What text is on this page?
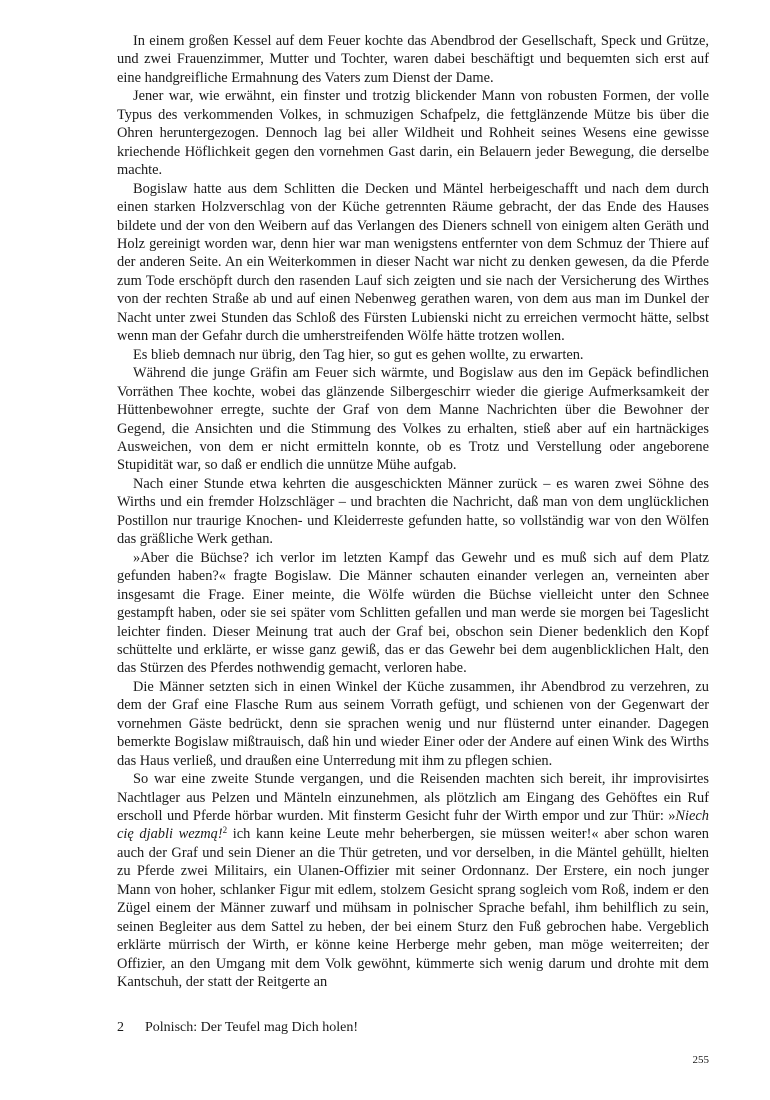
In einem großen Kessel auf dem Feuer kochte das Abendbrod der Gesellschaft, Speck und Grütze, und zwei Frauenzimmer, Mutter und Tochter, waren dabei beschäftigt und bequemten sich erst auf eine handgreifliche Ermahnung des Vaters zum Dienst der Dame.

Jener war, wie erwähnt, ein finster und trotzig blickender Mann von robusten Formen, der volle Typus des verkommenden Volkes, in schmuzigen Schafpelz, die fettglänzende Mütze bis über die Ohren heruntergezogen. Dennoch lag bei aller Wildheit und Rohheit seines Wesens eine gewisse kriechende Höflichkeit gegen den vornehmen Gast darin, ein Belauern jeder Bewegung, die derselbe machte.

Bogislaw hatte aus dem Schlitten die Decken und Mäntel herbeigeschafft und nach dem durch einen starken Holzverschlag von der Küche getrennten Räume gebracht, der das Ende des Hauses bildete und der von den Weibern auf das Verlangen des Dieners schnell von einigem alten Geräth und Holz gereinigt worden war, denn hier war man wenigstens entfernter von dem Schmuz der Thiere auf der anderen Seite. An ein Weiterkommen in dieser Nacht war nicht zu denken gewesen, da die Pferde zum Tode erschöpft durch den rasenden Lauf sich zeigten und sie nach der Versicherung des Wirthes von der rechten Straße ab und auf einen Nebenweg gerathen waren, von dem aus man im Dunkel der Nacht unter zwei Stunden das Schloß des Fürsten Lubienski nicht zu erreichen vermocht hätte, selbst wenn man der Gefahr durch die umherstreifenden Wölfe hätte trotzen wollen.

Es blieb demnach nur übrig, den Tag hier, so gut es gehen wollte, zu erwarten.

Während die junge Gräfin am Feuer sich wärmte, und Bogislaw aus den im Gepäck befindlichen Vorräthen Thee kochte, wobei das glänzende Silbergeschirr wieder die gierige Aufmerksamkeit der Hüttenbewohner erregte, suchte der Graf von dem Manne Nachrichten über die Bewohner der Gegend, die Ansichten und die Stimmung des Volkes zu erhalten, stieß aber auf ein hartnäckiges Ausweichen, von dem er nicht ermitteln konnte, ob es Trotz und Verstellung oder angeborene Stupidität war, so daß er endlich die unnütze Mühe aufgab.

Nach einer Stunde etwa kehrten die ausgeschickten Männer zurück – es waren zwei Söhne des Wirths und ein fremder Holzschläger – und brachten die Nachricht, daß man von dem unglücklichen Postillon nur traurige Knochen- und Kleiderreste gefunden hatte, so vollständig war von den Wölfen das gräßliche Werk gethan.

»Aber die Büchse? ich verlor im letzten Kampf das Gewehr und es muß sich auf dem Platz gefunden haben?« fragte Bogislaw. Die Männer schauten einander verlegen an, verneinten aber insgesamt die Frage. Einer meinte, die Wölfe würden die Büchse vielleicht unter den Schnee gestampft haben, oder sie sei später vom Schlitten gefallen und man werde sie morgen bei Tageslicht leichter finden. Dieser Meinung trat auch der Graf bei, obschon sein Diener bedenklich den Kopf schüttelte und erklärte, er wisse ganz gewiß, das er das Gewehr bei dem augenblicklichen Halt, den das Stürzen des Pferdes nothwendig gemacht, verloren habe.

Die Männer setzten sich in einen Winkel der Küche zusammen, ihr Abendbrod zu verzehren, zu dem der Graf eine Flasche Rum aus seinem Vorrath gefügt, und schienen von der Gegenwart der vornehmen Gäste bedrückt, denn sie sprachen wenig und nur flüsternd unter einander. Dagegen bemerkte Bogislaw mißtrauisch, daß hin und wieder Einer oder der Andere auf einen Wink des Wirths das Haus verließ, und draußen eine Unterredung mit ihm zu pflegen schien.

So war eine zweite Stunde vergangen, und die Reisenden machten sich bereit, ihr improvisirtes Nachtlager aus Pelzen und Mänteln einzunehmen, als plötzlich am Eingang des Gehöftes ein Ruf erscholl und Pferde hörbar wurden. Mit finsterm Gesicht fuhr der Wirth empor und zur Thür: »Niech cię djabli wezmą!$^2$ ich kann keine Leute mehr beherbergen, sie müssen weiter!« aber schon waren auch der Graf und sein Diener an die Thür getreten, und vor derselben, in die Mäntel gehüllt, hielten zu Pferde zwei Militairs, ein Ulanen-Offizier mit seiner Ordonnanz. Der Erstere, ein noch junger Mann von hoher, schlanker Figur mit edlem, stolzem Gesicht sprang sogleich vom Roß, indem er den Zügel einem der Männer zuwarf und mühsam in polnischer Sprache befahl, ihm behilflich zu sein, seinen Begleiter aus dem Sattel zu heben, der bei einem Sturz den Fuß gebrochen habe. Vergeblich erklärte mürrisch der Wirth, er könne keine Herberge mehr geben, man möge weiterreiten; der Offizier, an den Umgang mit dem Volk gewöhnt, kümmerte sich wenig darum und drohte mit dem Kantschuh, der statt der Reitgerte an

2 Polnisch: Der Teufel mag Dich holen!
255
